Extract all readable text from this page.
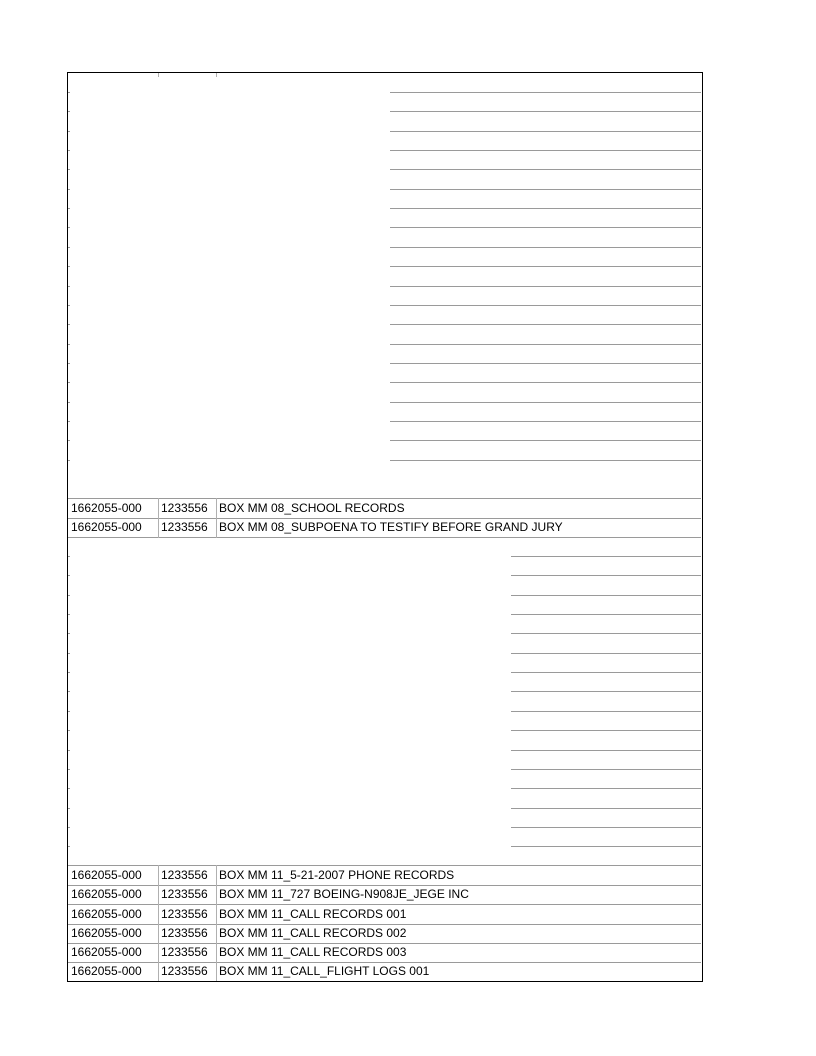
1662055-000 1233556 BOX MM 08_SCHOOL RECORDS
1662055-000 1233556 BOX MM 08_SUBPOENA TO TESTIFY BEFORE GRAND JURY
1662055-000 1233556 BOX MM 11_5-21-2007 PHONE RECORDS
1662055-000 1233556 BOX MM 11_727 BOEING-N908JE_JEGE INC
1662055-000 1233556 BOX MM 11_CALL RECORDS 001
1662055-000 1233556 BOX MM 11_CALL RECORDS 002
1662055-000 1233556 BOX MM 11_CALL RECORDS 003
1662055-000 1233556 BOX MM 11_CALL_FLIGHT LOGS 001
